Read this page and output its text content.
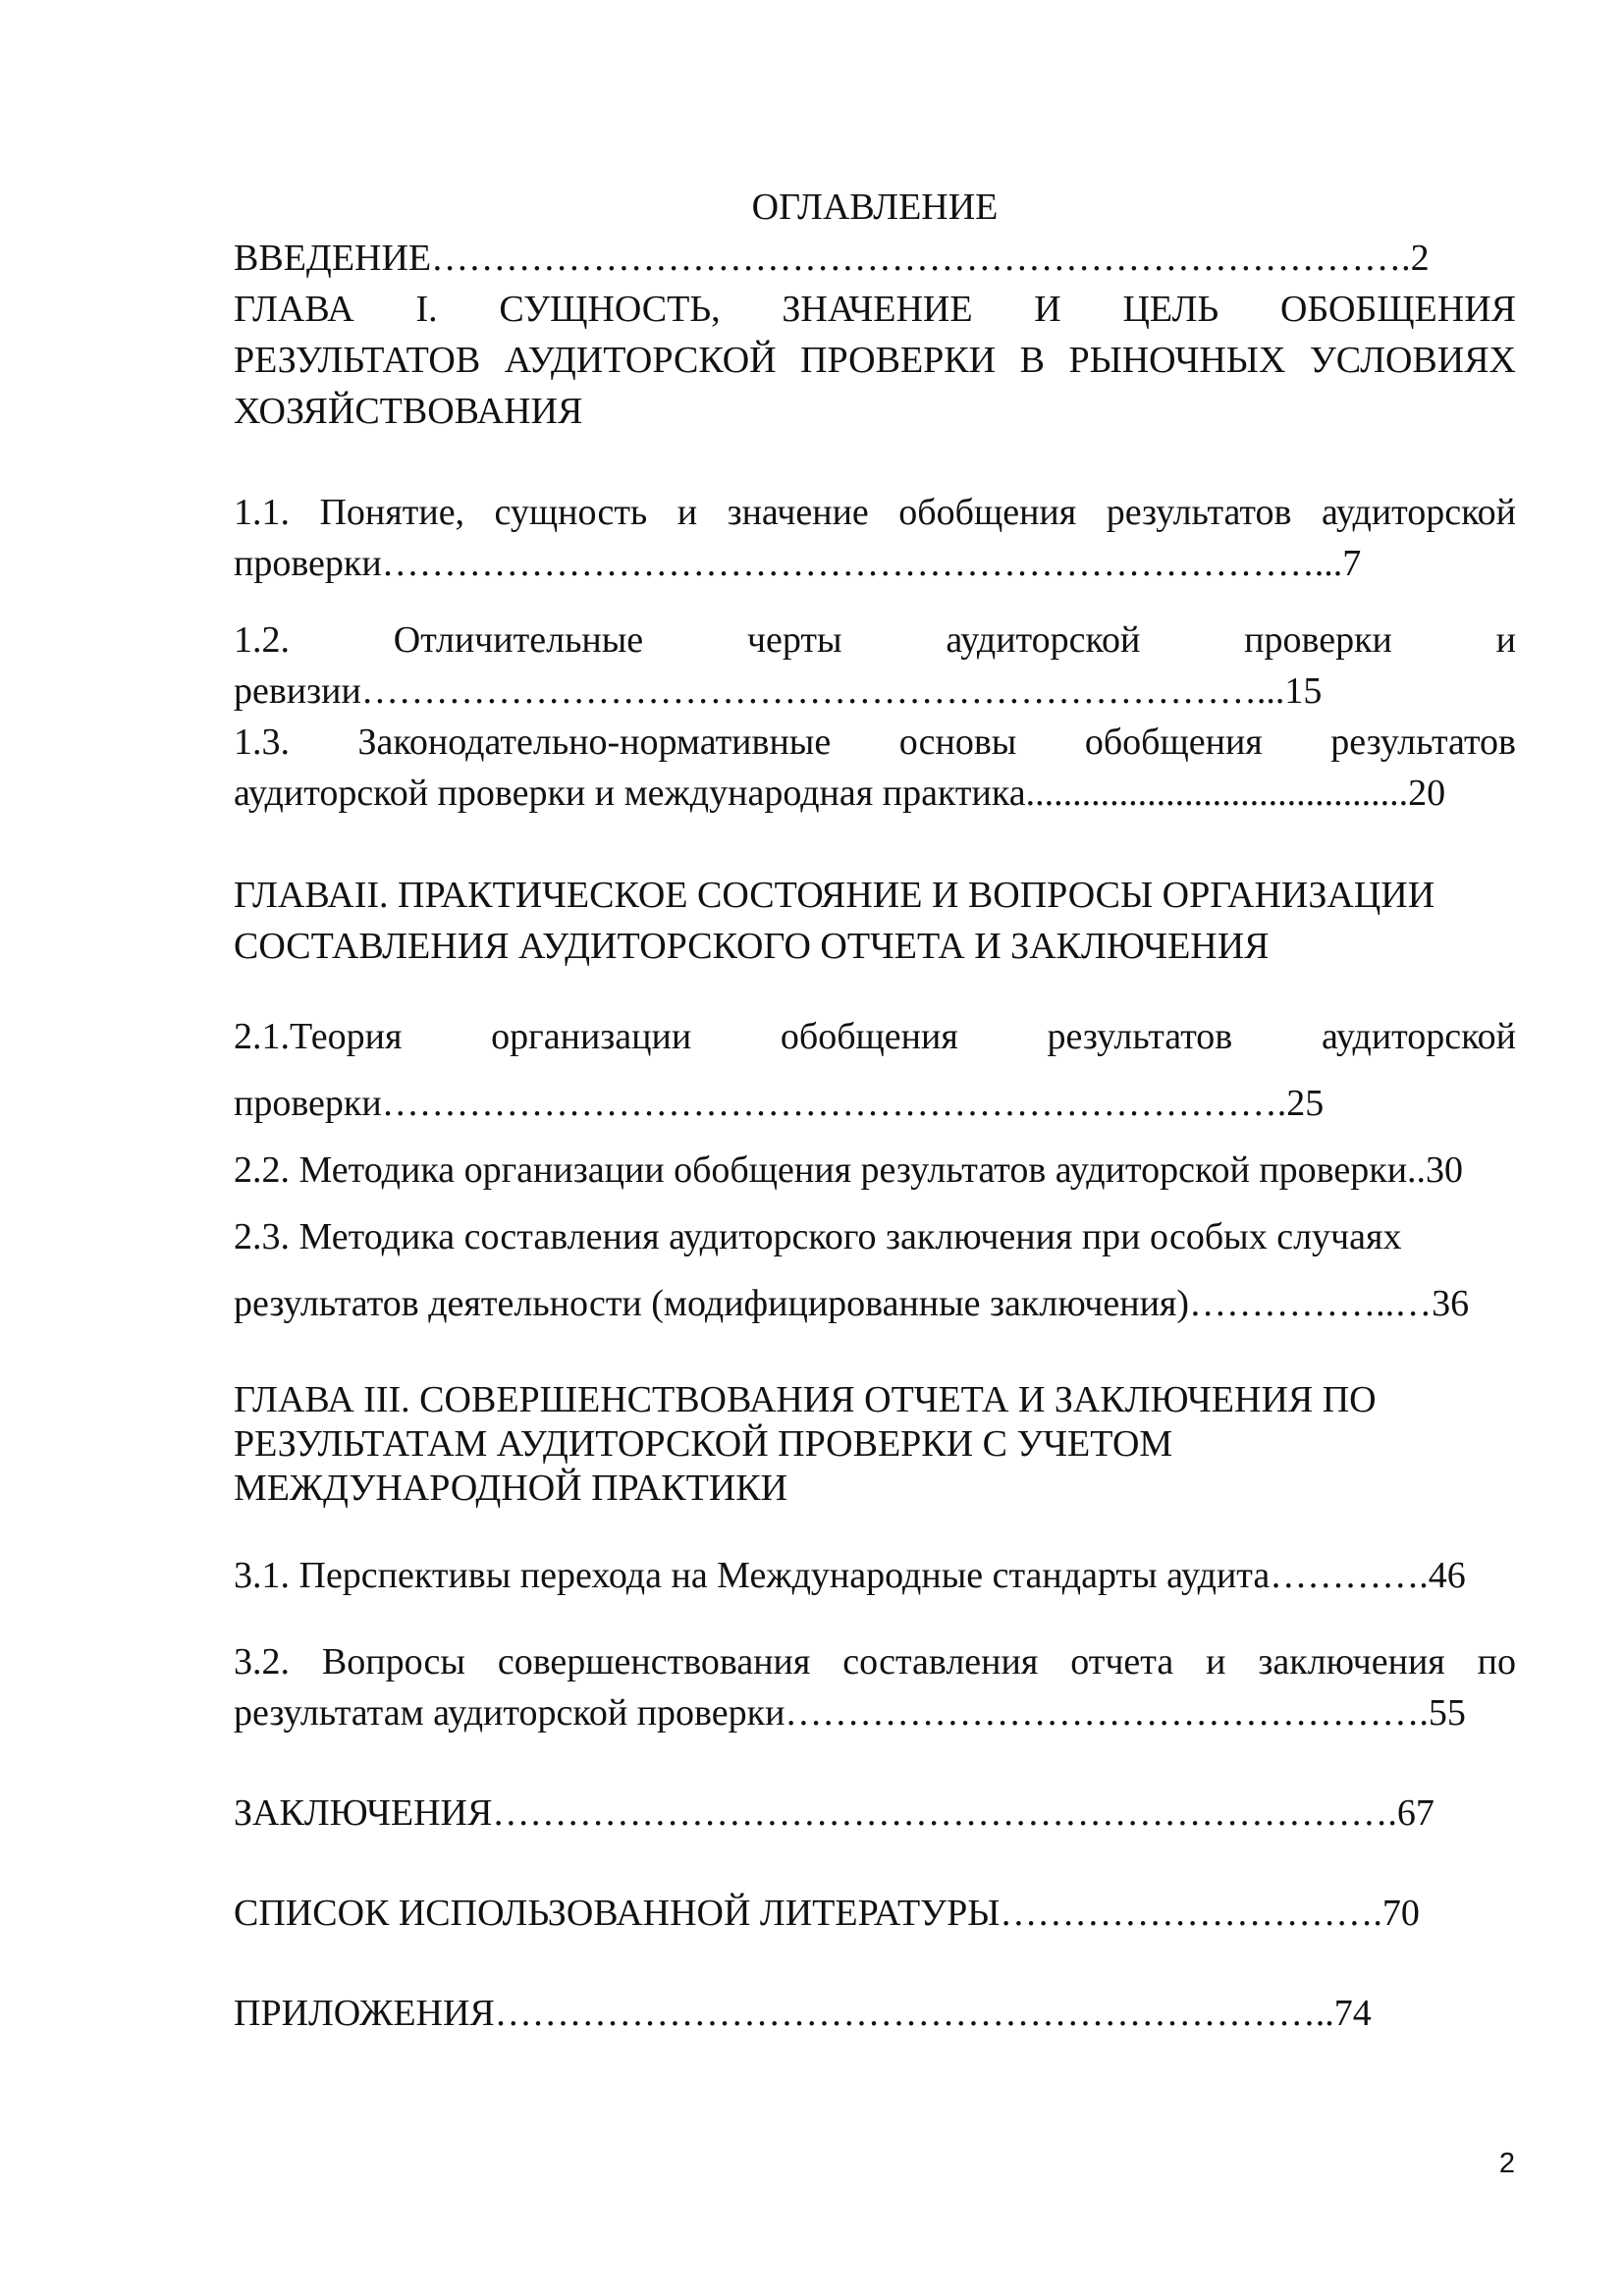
ОГЛАВЛЕНИЕ
ВВЕДЕНИЕ…………………………………………………………………….2
ГЛАВА I. СУЩНОСТЬ, ЗНАЧЕНИЕ И ЦЕЛЬ ОБОБЩЕНИЯ
РЕЗУЛЬТАТОВ АУДИТОРСКОЙ ПРОВЕРКИ В РЫНОЧНЫХ УСЛОВИЯХ
ХОЗЯЙСТВОВАНИЯ
1.1. Понятие, сущность и значение обобщения результатов аудиторской
проверки…………………………………………………………………...7
1.2. Отличительные черты аудиторской проверки и
ревизии………………………………………………………………...15
1.3. Законодательно-нормативные основы обобщения результатов
аудиторской проверки и международная практика.........................................20
ГЛАВАII. ПРАКТИЧЕСКОЕ СОСТОЯНИЕ И ВОПРОСЫ ОРГАНИЗАЦИИ
СОСТАВЛЕНИЯ АУДИТОРСКОГО ОТЧЕТА И ЗАКЛЮЧЕНИЯ
2.1.Теория организации обобщения результатов аудиторской
проверки……………………………………………………………….25
2.2. Методика организации обобщения результатов аудиторской проверки..30
2.3. Методика составления аудиторского заключения при особых случаях
результатов деятельности (модифицированные заключения)……………..…36
ГЛАВА III. СОВЕРШЕНСТВОВАНИЯ ОТЧЕТА И ЗАКЛЮЧЕНИЯ ПО
РЕЗУЛЬТАТАМ АУДИТОРСКОЙ ПРОВЕРКИ С УЧЕТОМ
МЕЖДУНАРОДНОЙ ПРАКТИКИ
3.1. Перспективы перехода на Международные стандарты аудита………….46
3.2. Вопросы совершенствования составления отчета и заключения по
результатам аудиторской проверки…………………………………………….55
ЗАКЛЮЧЕНИЯ……………………………………………………………….67
СПИСОК ИСПОЛЬЗОВАННОЙ ЛИТЕРАТУРЫ………………………….70
ПРИЛОЖЕНИЯ…………………………………………………………..74
2
